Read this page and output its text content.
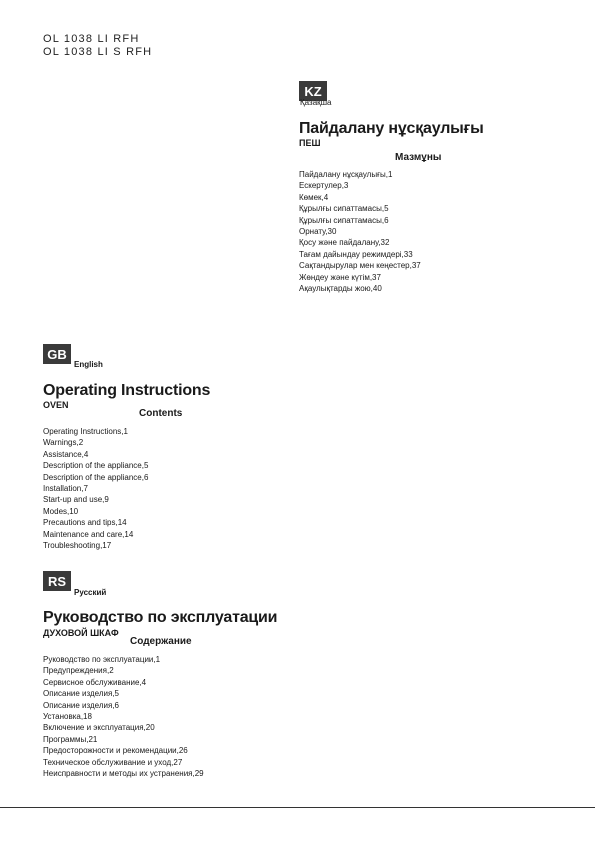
OL 1038 LI RFH
OL 1038 LI S RFH
KZ
Қазақша
Пайдалану нұсқаулығы
ПЕШ
Мазмұны
Пайдалану нұсқаулығы,1
Ескертулер,3
Көмек,4
Құрылғы сипаттамасы,5
Құрылғы сипаттамасы,6
Орнату,30
Қосу және пайдалану,32
Тағам дайындау режимдері,33
Сақтандырулар мен кеңестер,37
Жөндеу және күтім,37
Ақаулықтарды жою,40
GB
English
Operating Instructions
OVEN
Contents
Operating Instructions,1
Warnings,2
Assistance,4
Description of the appliance,5
Description of the appliance,6
Installation,7
Start-up and use,9
Modes,10
Precautions and tips,14
Maintenance and care,14
Troubleshooting,17
RS
Русский
Руководство по эксплуатации
ДУХОВОЙ ШКАФ
Содержание
Руководство по эксплуатации,1
Предупреждения,2
Сервисное обслуживание,4
Описание изделия,5
Описание изделия,6
Установка,18
Включение и эксплуатация,20
Программы,21
Предосторожности и рекомендации,26
Техническое обслуживание и уход,27
Неисправности и методы их устранения,29
